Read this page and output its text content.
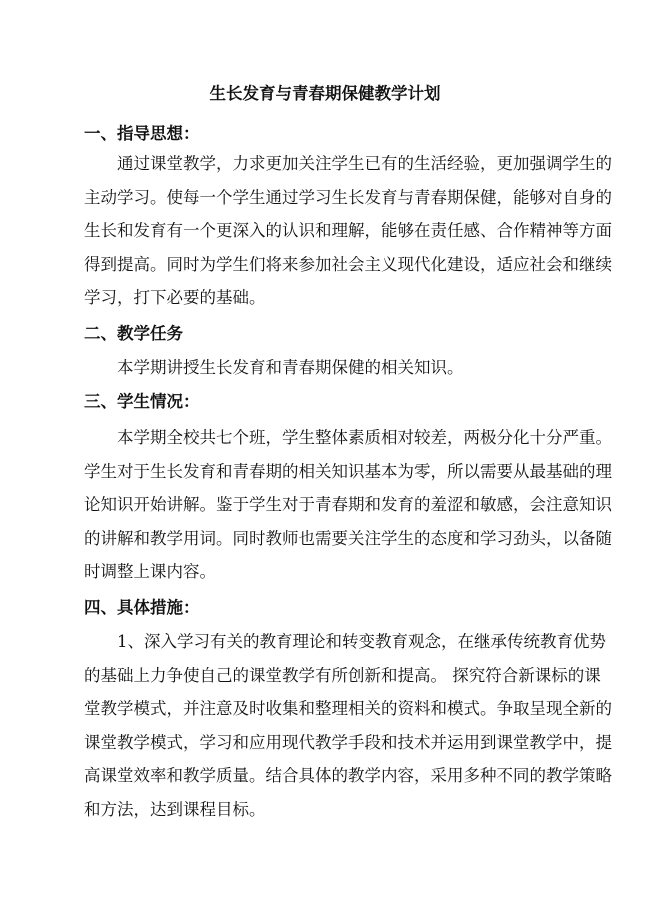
生长发育与青春期保健教学计划
一、指导思想：
通过课堂教学，力求更加关注学生已有的生活经验，更加强调学生的
主动学习。使每一个学生通过学习生长发育与青春期保健，能够对自身的
生长和发育有一个更深入的认识和理解，能够在责任感、合作精神等方面
得到提高。同时为学生们将来参加社会主义现代化建设，适应社会和继续
学习，打下必要的基础。
二、教学任务
本学期讲授生长发育和青春期保健的相关知识。
三、学生情况：
本学期全校共七个班，学生整体素质相对较差，两极分化十分严重。
学生对于生长发育和青春期的相关知识基本为零，所以需要从最基础的理
论知识开始讲解。鉴于学生对于青春期和发育的羞涩和敏感，会注意知识
的讲解和教学用词。同时教师也需要关注学生的态度和学习劲头，以备随
时调整上课内容。
四、具体措施：
1、深入学习有关的教育理论和转变教育观念，在继承传统教育优势
的基础上力争使自己的课堂教学有所创新和提高。 探究符合新课标的课
堂教学模式，并注意及时收集和整理相关的资料和模式。争取呈现全新的
课堂教学模式，学习和应用现代教学手段和技术并运用到课堂教学中，提
高课堂效率和教学质量。结合具体的教学内容，采用多种不同的教学策略
和方法，达到课程目标。
